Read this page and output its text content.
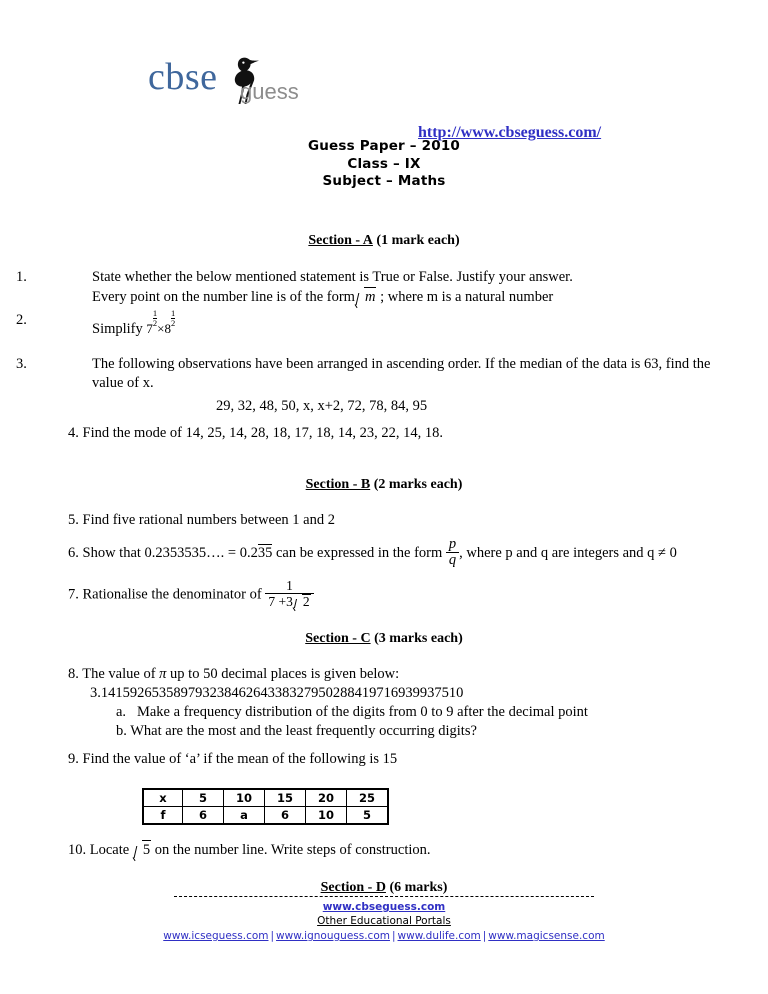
cbse guess
http://www.cbseguess.com/
Guess Paper – 2010
Class – IX
Subject – Maths
Section - A (1 mark each)
1.	State whether the below mentioned statement is True or False. Justify your answer.
Every point on the number line is of the form m ; where m is a natural number
2.
Simplify 7
$\frac{1}{2}$
×8
$\frac{1}{2}$
3.	The following observations have been arranged in ascending order. If the median of the data is 63, find the
value of x.
29, 32, 48, 50, x, x+2, 72, 78, 84, 95
4. Find the mode of 14, 25, 14, 28, 18, 17, 18, 14, 23, 22, 14, 18.
Section - B (2 marks each)
5. Find five rational numbers between 1 and 2
6. Show that 0.2353535…. = 0.235 can be expressed in the form $\frac{p}{q}$ , where p and q are integers and q ≠ 0
7. Rationalise the denominator of $\frac{1}{7 +3 2}$
Section - C (3 marks each)
8. The value of π up to 50 decimal places is given below:
3.14159265358979323846264338327950288419716939937510
a. Make a frequency distribution of the digits from 0 to 9 after the decimal point
b. What are the most and the least frequently occurring digits?
9. Find the value of ‘a’ if the mean of the following is 15
x	5	10	15	20	25
f	6	a	6	10	5
10. Locate 5 on the number line. Write steps of construction.
Section - D (6 marks)
www.cbseguess.com
Other Educational Portals
www.icseguess.com | www.ignouguess.com | www.dulife.com | www.magicsense.com
